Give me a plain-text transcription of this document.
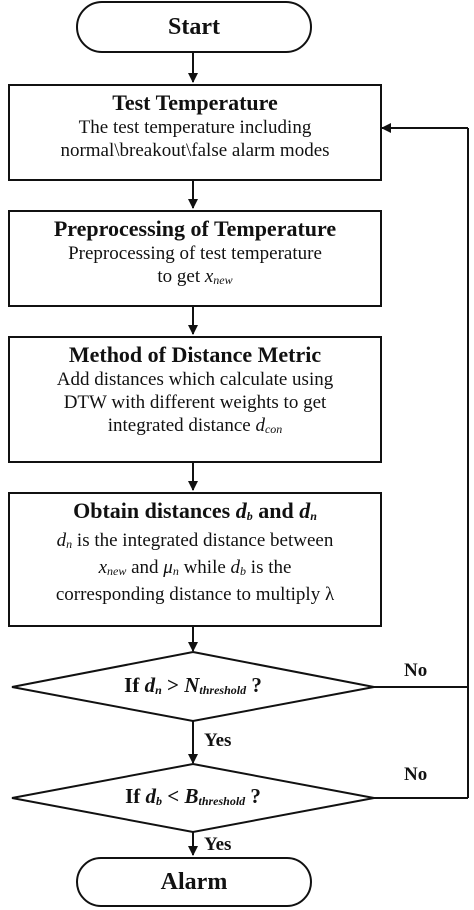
Start
Test Temperature
The test temperature including
normal\breakout\false alarm modes
Preprocessing of Temperature
Preprocessing of test temperature
to get $x_{new}$
Method of Distance Metric
Add distances which calculate using
DTW with different weights to get
integrated distance $d_{con}$
Obtain distances $d_b$ and $d_n$
$d_n$ is the integrated distance between
$x_{new}$ and $\mu_n$ while $d_b$ is the
corresponding distance to multiply λ
If $d_n > N_{threshold}$ ?
If $d_b < B_{threshold}$ ?
No
Yes
No
Yes
Alarm
